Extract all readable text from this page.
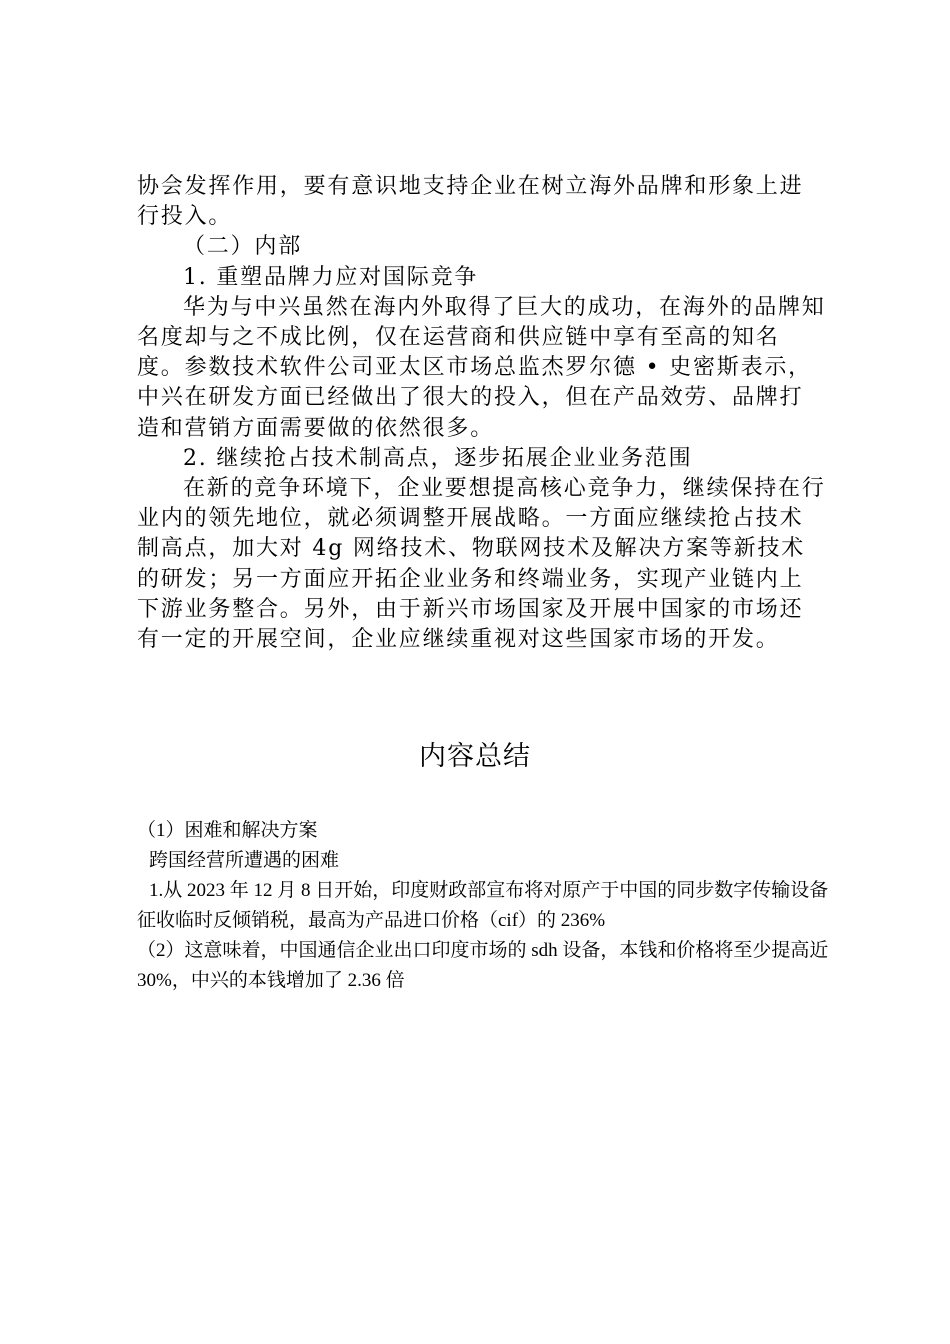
协会发挥作用，要有意识地支持企业在树立海外品牌和形象上进行投入。

（二）内部

1. 重塑品牌力应对国际竞争

华为与中兴虽然在海内外取得了巨大的成功，在海外的品牌知名度却与之不成比例，仅在运营商和供应链中享有至高的知名度。参数技术软件公司亚太区市场总监杰罗尔德 • 史密斯表示，中兴在研发方面已经做出了很大的投入，但在产品效劳、品牌打造和营销方面需要做的依然很多。

2. 继续抢占技术制高点，逐步拓展企业业务范围

在新的竞争环境下，企业要想提高核心竞争力，继续保持在行业内的领先地位，就必须调整开展战略。一方面应继续抢占技术制高点，加大对 4g 网络技术、物联网技术及解决方案等新技术的研发；另一方面应开拓企业业务和终端业务，实现产业链内上下游业务整合。另外，由于新兴市场国家及开展中国家的市场还有一定的开展空间，企业应继续重视对这些国家市场的开发。

内容总结

（1）困难和解决方案

跨国经营所遭遇的困难

1.从 2023 年 12 月 8 日开始，印度财政部宣布将对原产于中国的同步数字传输设备征收临时反倾销税，最高为产品进口价格（cif）的 236%

（2）这意味着，中国通信企业出口印度市场的 sdh 设备，本钱和价格将至少提高近 30%，中兴的本钱增加了 2.36 倍
